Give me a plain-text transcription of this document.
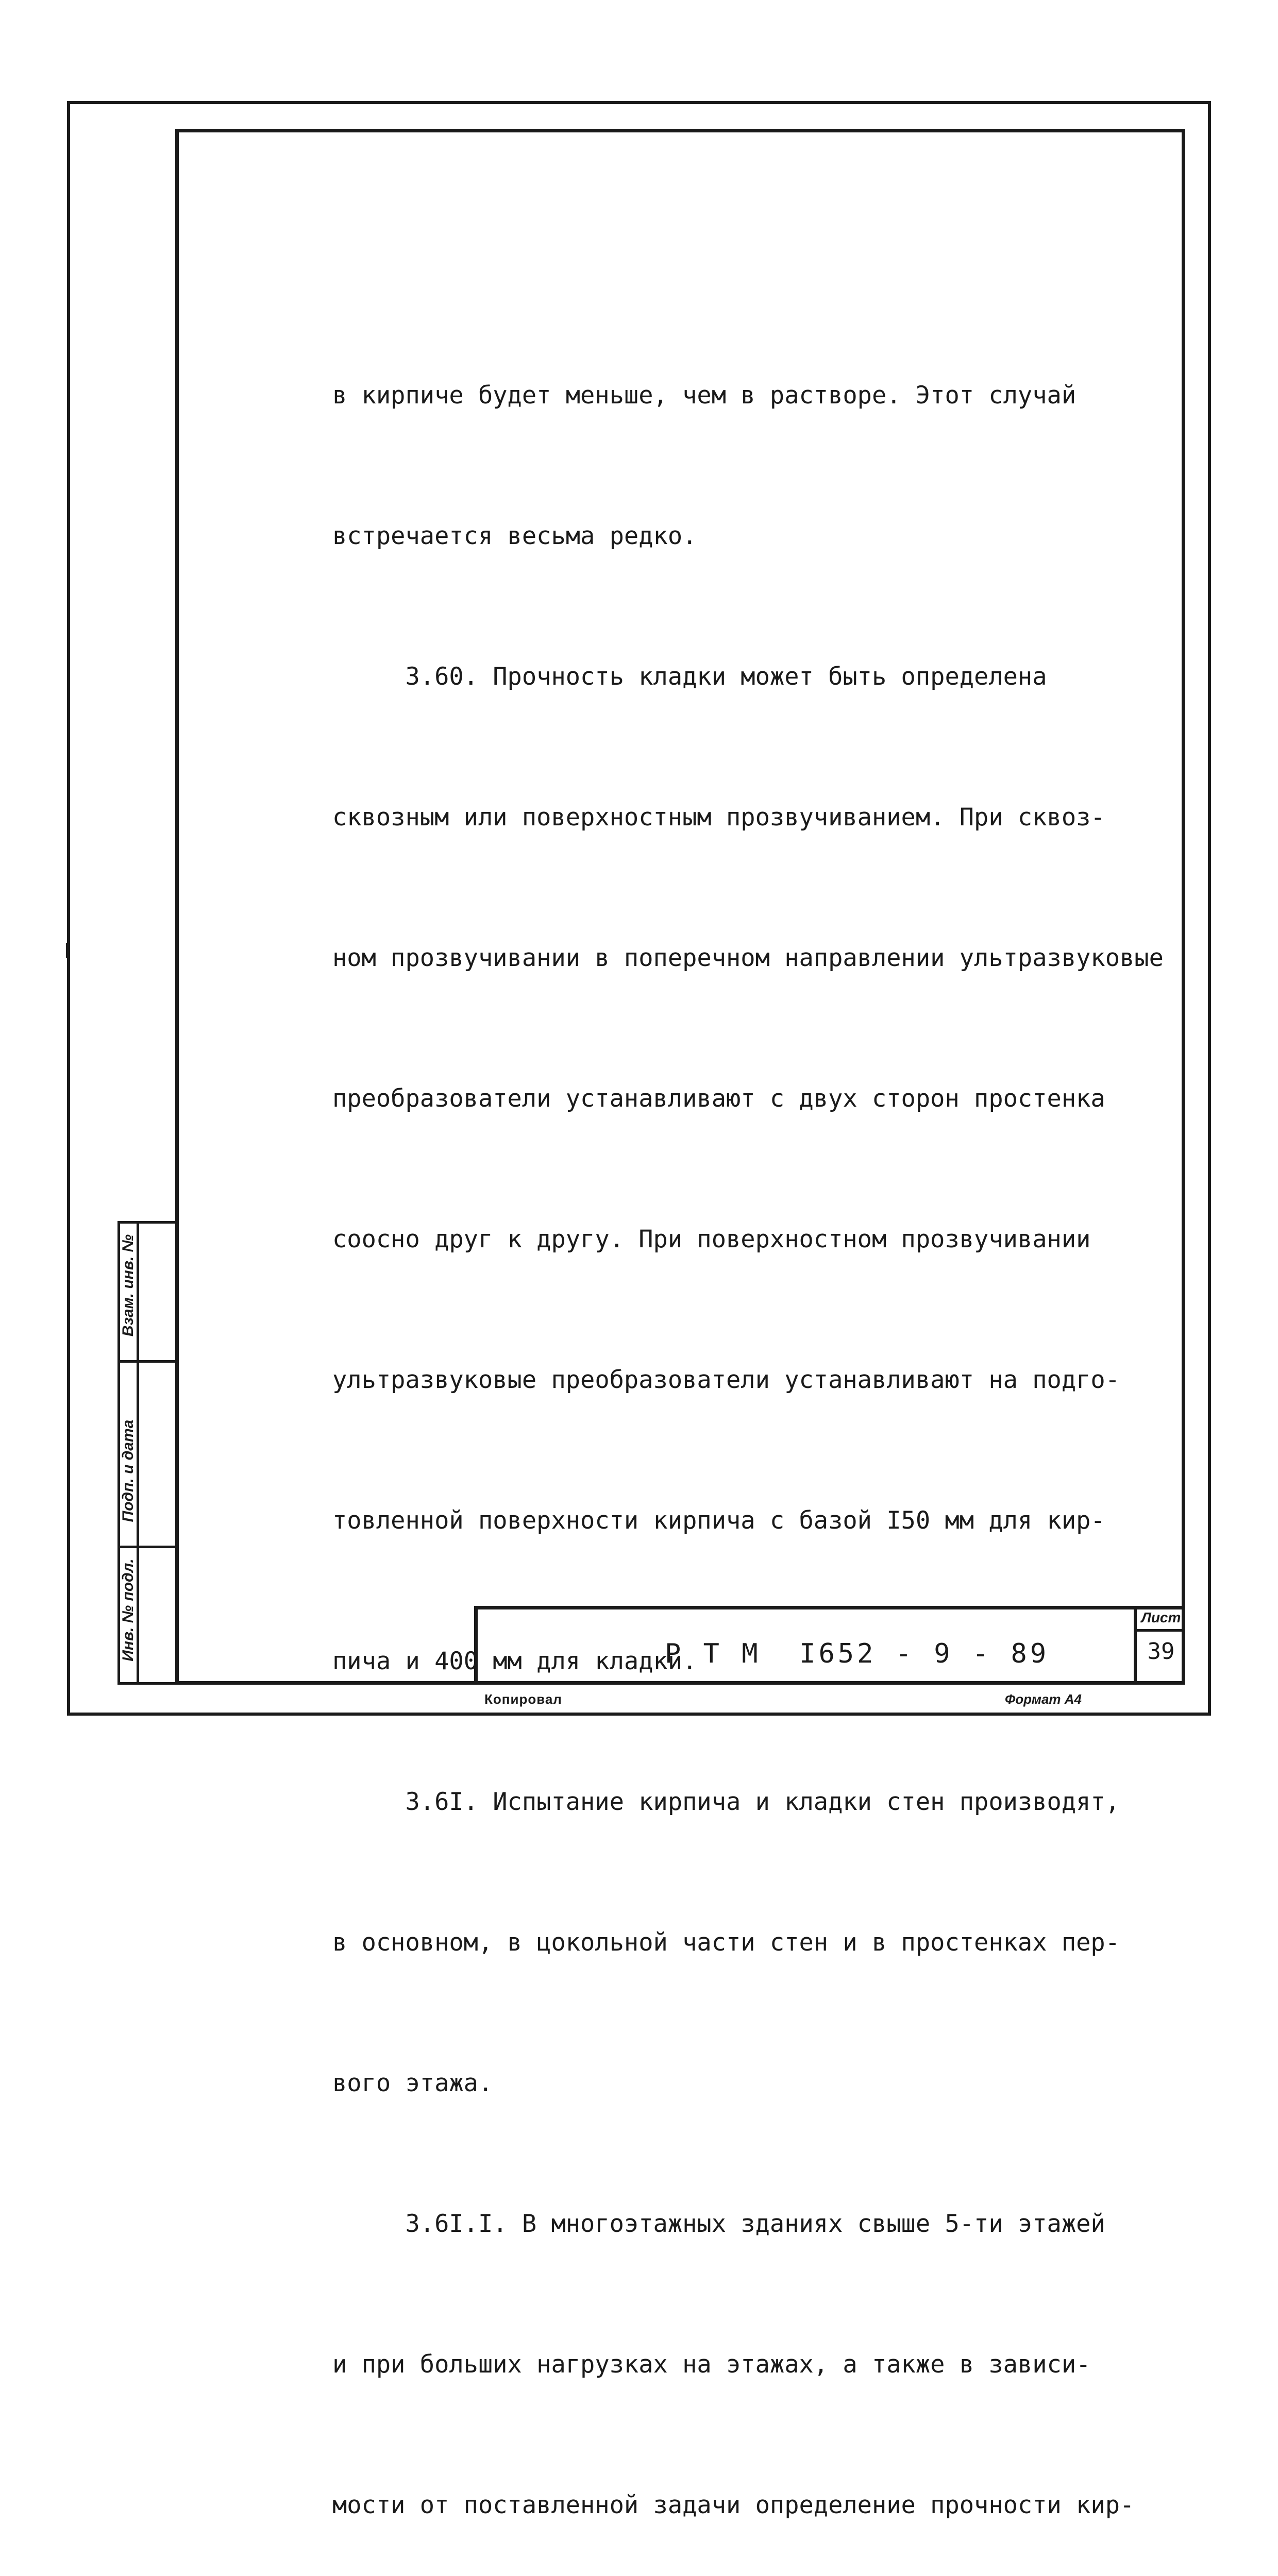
в кирпиче будет меньше, чем в растворе. Этот случай

встречается весьма редко.

3.60. Прочность кладки может быть определена

сквозным или поверхностным прозвучиванием. При сквоз-

ном прозвучивании в поперечном направлении ультразвуковые

преобразователи устанавливают с двух сторон простенка

соосно друг к другу. При поверхностном прозвучивании

ультразвуковые преобразователи устанавливают на подго-

товленной поверхности кирпича с базой I50 мм для кир-

пича и 400 мм для кладки.

3.6I. Испытание кирпича и кладки стен производят,

в основном, в цокольной части стен и в простенках пер-

вого этажа.

3.6I.I. В многоэтажных зданиях свыше 5-ти этажей

и при больших нагрузках на этажах, а также в зависи-

мости от поставленной задачи определение прочности кир-

Взам. инв. №
Подп. и дата
Инв. № подл.	Р Т М  I652 - 9 - 89
Лист
39
Копировал	Формат А4
